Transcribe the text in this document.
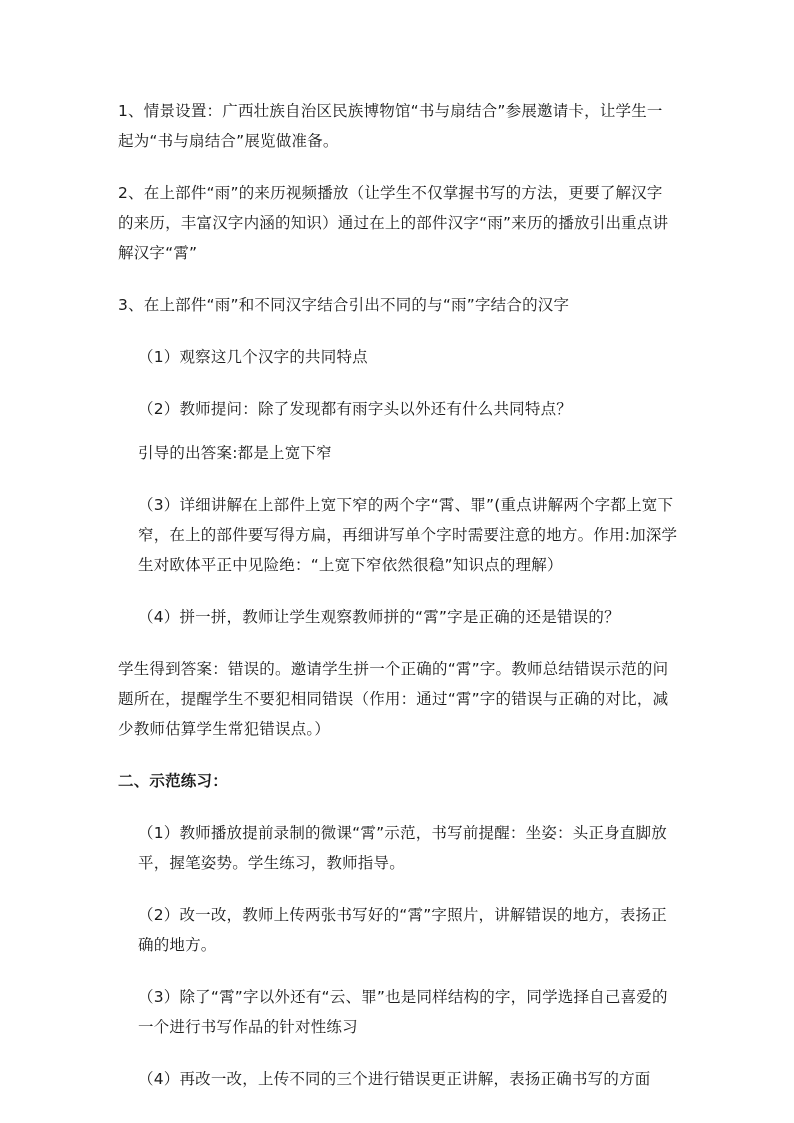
1、情景设置：广西壮族自治区民族博物馆“书与扇结合”参展邀请卡，让学生一起为“书与扇结合”展览做准备。

2、在上部件“雨”的来历视频播放（让学生不仅掌握书写的方法，更要了解汉字的来历，丰富汉字内涵的知识）通过在上的部件汉字“雨”来历的播放引出重点讲解汉字“霄”

3、在上部件“雨”和不同汉字结合引出不同的与“雨”字结合的汉字

（1）观察这几个汉字的共同特点

（2）教师提问：除了发现都有雨字头以外还有什么共同特点？

引导的出答案:都是上宽下窄

（3）详细讲解在上部件上宽下窄的两个字“霄、罪”(重点讲解两个字都上宽下窄，在上的部件要写得方扁，再细讲写单个字时需要注意的地方。作用:加深学生对欧体平正中见险绝：“上宽下窄依然很稳”知识点的理解）

（4）拼一拼，教师让学生观察教师拼的“霄”字是正确的还是错误的？

学生得到答案：错误的。邀请学生拼一个正确的“霄”字。教师总结错误示范的问题所在，提醒学生不要犯相同错误（作用：通过“霄”字的错误与正确的对比，减少教师估算学生常犯错误点。）

二、示范练习：

（1）教师播放提前录制的微课“霄”示范，书写前提醒：坐姿：头正身直脚放平，握笔姿势。学生练习，教师指导。

（2）改一改，教师上传两张书写好的“霄”字照片，讲解错误的地方，表扬正确的地方。

（3）除了“霄”字以外还有“云、罪”也是同样结构的字，同学选择自己喜爱的一个进行书写作品的针对性练习

（4）再改一改，上传不同的三个进行错误更正讲解，表扬正确书写的方面
